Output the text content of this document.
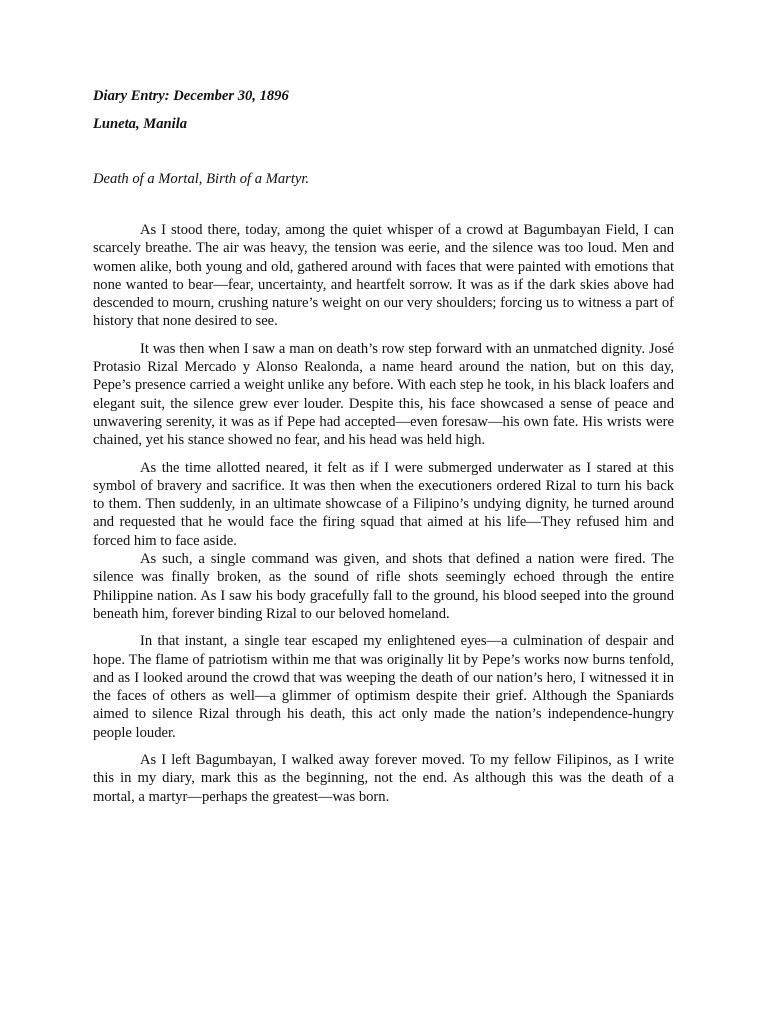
Diary Entry: December 30, 1896

Luneta, Manila

Death of a Mortal, Birth of a Martyr.

As I stood there, today, among the quiet whisper of a crowd at Bagumbayan Field, I can scarcely breathe. The air was heavy, the tension was eerie, and the silence was too loud. Men and women alike, both young and old, gathered around with faces that were painted with emotions that none wanted to bear—fear, uncertainty, and heartfelt sorrow. It was as if the dark skies above had descended to mourn, crushing nature’s weight on our very shoulders; forcing us to witness a part of history that none desired to see.

It was then when I saw a man on death’s row step forward with an unmatched dignity. José Protasio Rizal Mercado y Alonso Realonda, a name heard around the nation, but on this day, Pepe’s presence carried a weight unlike any before. With each step he took, in his black loafers and elegant suit, the silence grew ever louder. Despite this, his face showcased a sense of peace and unwavering serenity, it was as if Pepe had accepted—even foresaw—his own fate. His wrists were chained, yet his stance showed no fear, and his head was held high.

As the time allotted neared, it felt as if I were submerged underwater as I stared at this symbol of bravery and sacrifice. It was then when the executioners ordered Rizal to turn his back to them. Then suddenly, in an ultimate showcase of a Filipino’s undying dignity, he turned around and requested that he would face the firing squad that aimed at his life—They refused him and forced him to face aside.

As such, a single command was given, and shots that defined a nation were fired. The silence was finally broken, as the sound of rifle shots seemingly echoed through the entire Philippine nation. As I saw his body gracefully fall to the ground, his blood seeped into the ground beneath him, forever binding Rizal to our beloved homeland.

In that instant, a single tear escaped my enlightened eyes—a culmination of despair and hope. The flame of patriotism within me that was originally lit by Pepe’s works now burns tenfold, and as I looked around the crowd that was weeping the death of our nation’s hero, I witnessed it in the faces of others as well—a glimmer of optimism despite their grief. Although the Spaniards aimed to silence Rizal through his death, this act only made the nation’s independence-hungry people louder.

As I left Bagumbayan, I walked away forever moved. To my fellow Filipinos, as I write this in my diary, mark this as the beginning, not the end. As although this was the death of a mortal, a martyr—perhaps the greatest—was born.
